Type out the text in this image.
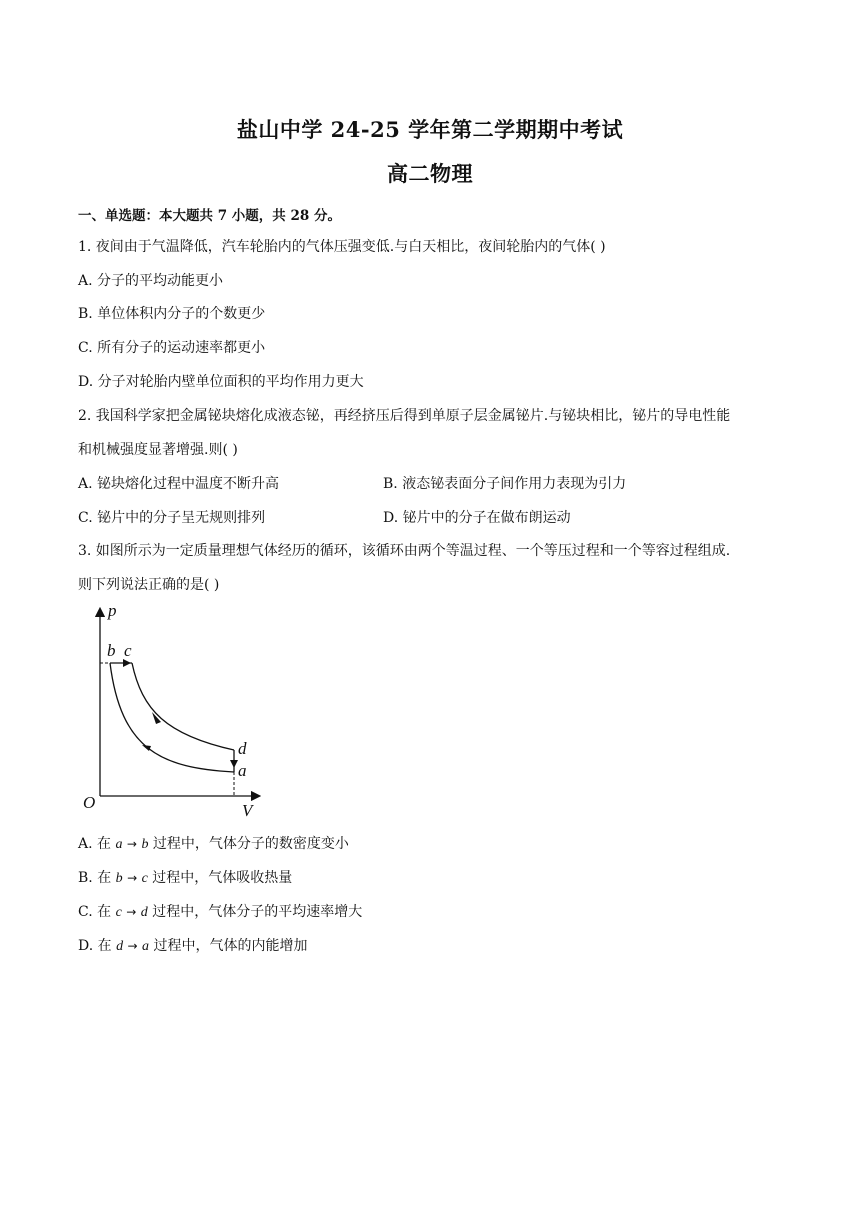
盐山中学 24-25 学年第二学期期中考试
高二物理
一、单选题：本大题共 7 小题，共 28 分。
1. 夜间由于气温降低，汽车轮胎内的气体压强变低.与白天相比，夜间轮胎内的气体( )
A. 分子的平均动能更小
B. 单位体积内分子的个数更少
C. 所有分子的运动速率都更小
D. 分子对轮胎内壁单位面积的平均作用力更大
2. 我国科学家把金属铋块熔化成液态铋，再经挤压后得到单原子层金属铋片.与铋块相比，铋片的导电性能
和机械强度显著增强.则( )
A. 铋块熔化过程中温度不断升高	B. 液态铋表面分子间作用力表现为引力
C. 铋片中的分子呈无规则排列	D. 铋片中的分子在做布朗运动
3. 如图所示为一定质量理想气体经历的循环，该循环由两个等温过程、一个等压过程和一个等容过程组成.
则下列说法正确的是( )
p
V
O
b c
d
a
A. 在 a → b 过程中，气体分子的数密度变小
B. 在 b → c 过程中，气体吸收热量
C. 在 c → d 过程中，气体分子的平均速率增大
D. 在 d → a 过程中，气体的内能增加
